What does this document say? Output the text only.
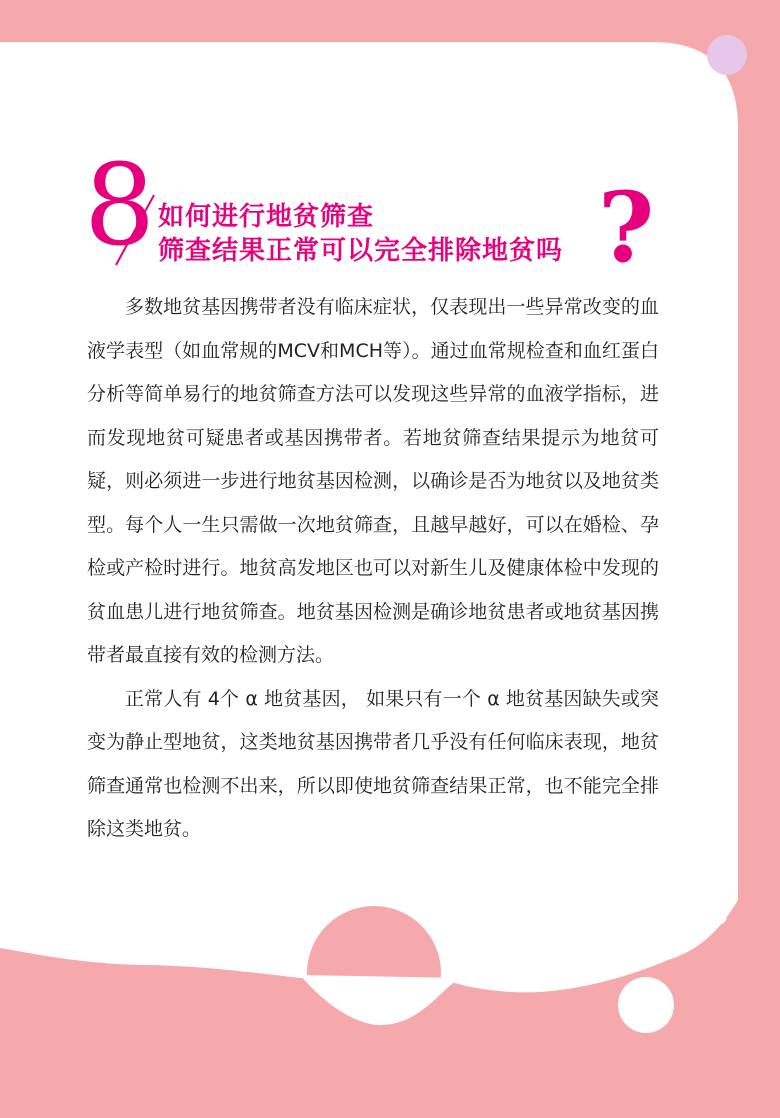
8 如何进行地贫筛查
筛查结果正常可以完全排除地贫吗 ?

多数地贫基因携带者没有临床症状，仅表现出一些异常改变的血液学表型（如血常规的MCV和MCH等）。通过血常规检查和血红蛋白分析等简单易行的地贫筛查方法可以发现这些异常的血液学指标，进而发现地贫可疑患者或基因携带者。若地贫筛查结果提示为地贫可疑，则必须进一步进行地贫基因检测，以确诊是否为地贫以及地贫类型。每个人一生只需做一次地贫筛查，且越早越好，可以在婚检、孕检或产检时进行。地贫高发地区也可以对新生儿及健康体检中发现的贫血患儿进行地贫筛查。地贫基因检测是确诊地贫患者或地贫基因携带者最直接有效的检测方法。

正常人有 4个 α 地贫基因， 如果只有一个 α 地贫基因缺失或突变为静止型地贫，这类地贫基因携带者几乎没有任何临床表现，地贫筛查通常也检测不出来，所以即使地贫筛查结果正常，也不能完全排除这类地贫。
